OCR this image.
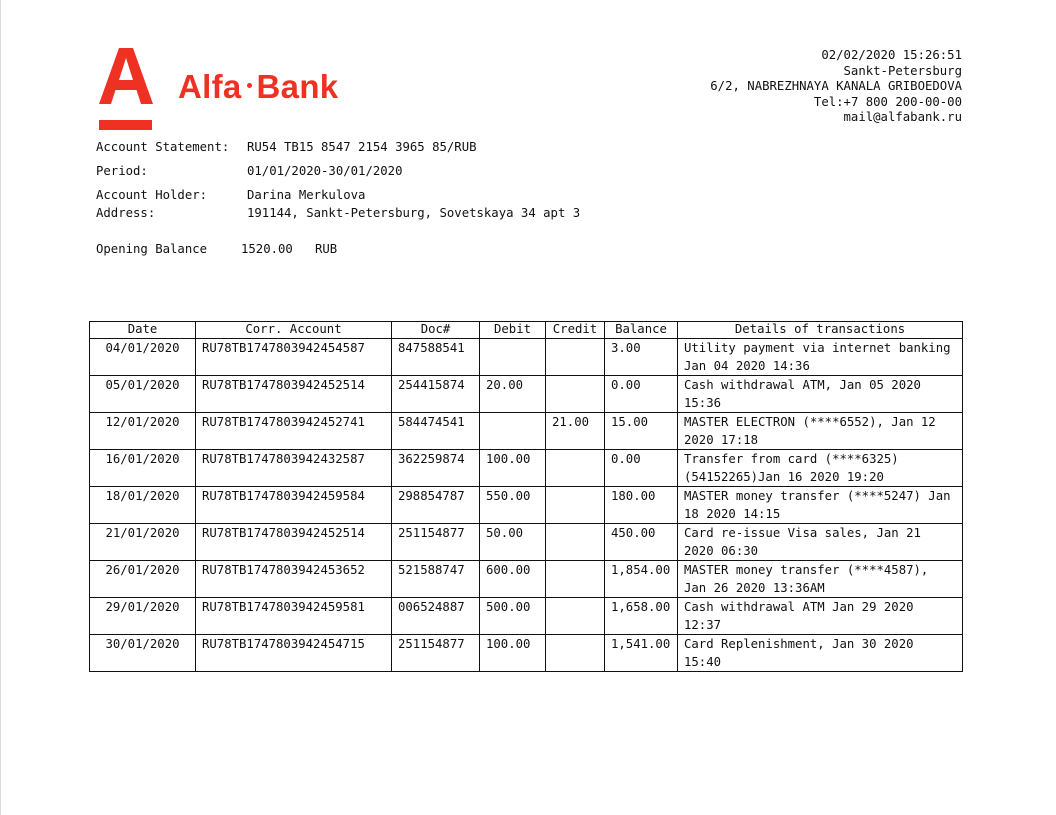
Alfa Bank
02/02/2020 15:26:51
Sankt-Petersburg
6/2, NABREZHNAYA KANALA GRIBOEDOVA
Tel:+7 800 200-00-00
mail@alfabank.ru
Account Statement: RU54 TB15 8547 2154 3965 85/RUB
Period:	01/01/2020-30/01/2020
Account Holder:	Darina Merkulova
Address:	191144, Sankt-Petersburg, Sovetskaya 34 apt 3
Opening Balance	1520.00 RUB
Date	Corr. Account	Doc#	Debit	Credit	Balance	Details of transactions
04/01/2020	RU78TB1747803942454587	847588541			3.00	Utility payment via internet banking Jan 04 2020 14:36
05/01/2020	RU78TB1747803942452514	254415874	20.00		0.00	Cash withdrawal ATM, Jan 05 2020 15:36
12/01/2020	RU78TB1747803942452741	584474541		21.00	15.00	MASTER ELECTRON (****6552), Jan 12 2020 17:18
16/01/2020	RU78TB1747803942432587	362259874	100.00		0.00	Transfer from card (****6325) (54152265)Jan 16 2020 19:20
18/01/2020	RU78TB1747803942459584	298854787	550.00		180.00	MASTER money transfer (****5247) Jan 18 2020 14:15
21/01/2020	RU78TB1747803942452514	251154877	50.00		450.00	Card re-issue Visa sales, Jan 21 2020 06:30
26/01/2020	RU78TB1747803942453652	521588747	600.00		1,854.00	MASTER money transfer (****4587), Jan 26 2020 13:36AM
29/01/2020	RU78TB1747803942459581	006524887	500.00		1,658.00	Cash withdrawal ATM Jan 29 2020 12:37
30/01/2020	RU78TB1747803942454715	251154877	100.00		1,541.00	Card Replenishment, Jan 30 2020 15:40
